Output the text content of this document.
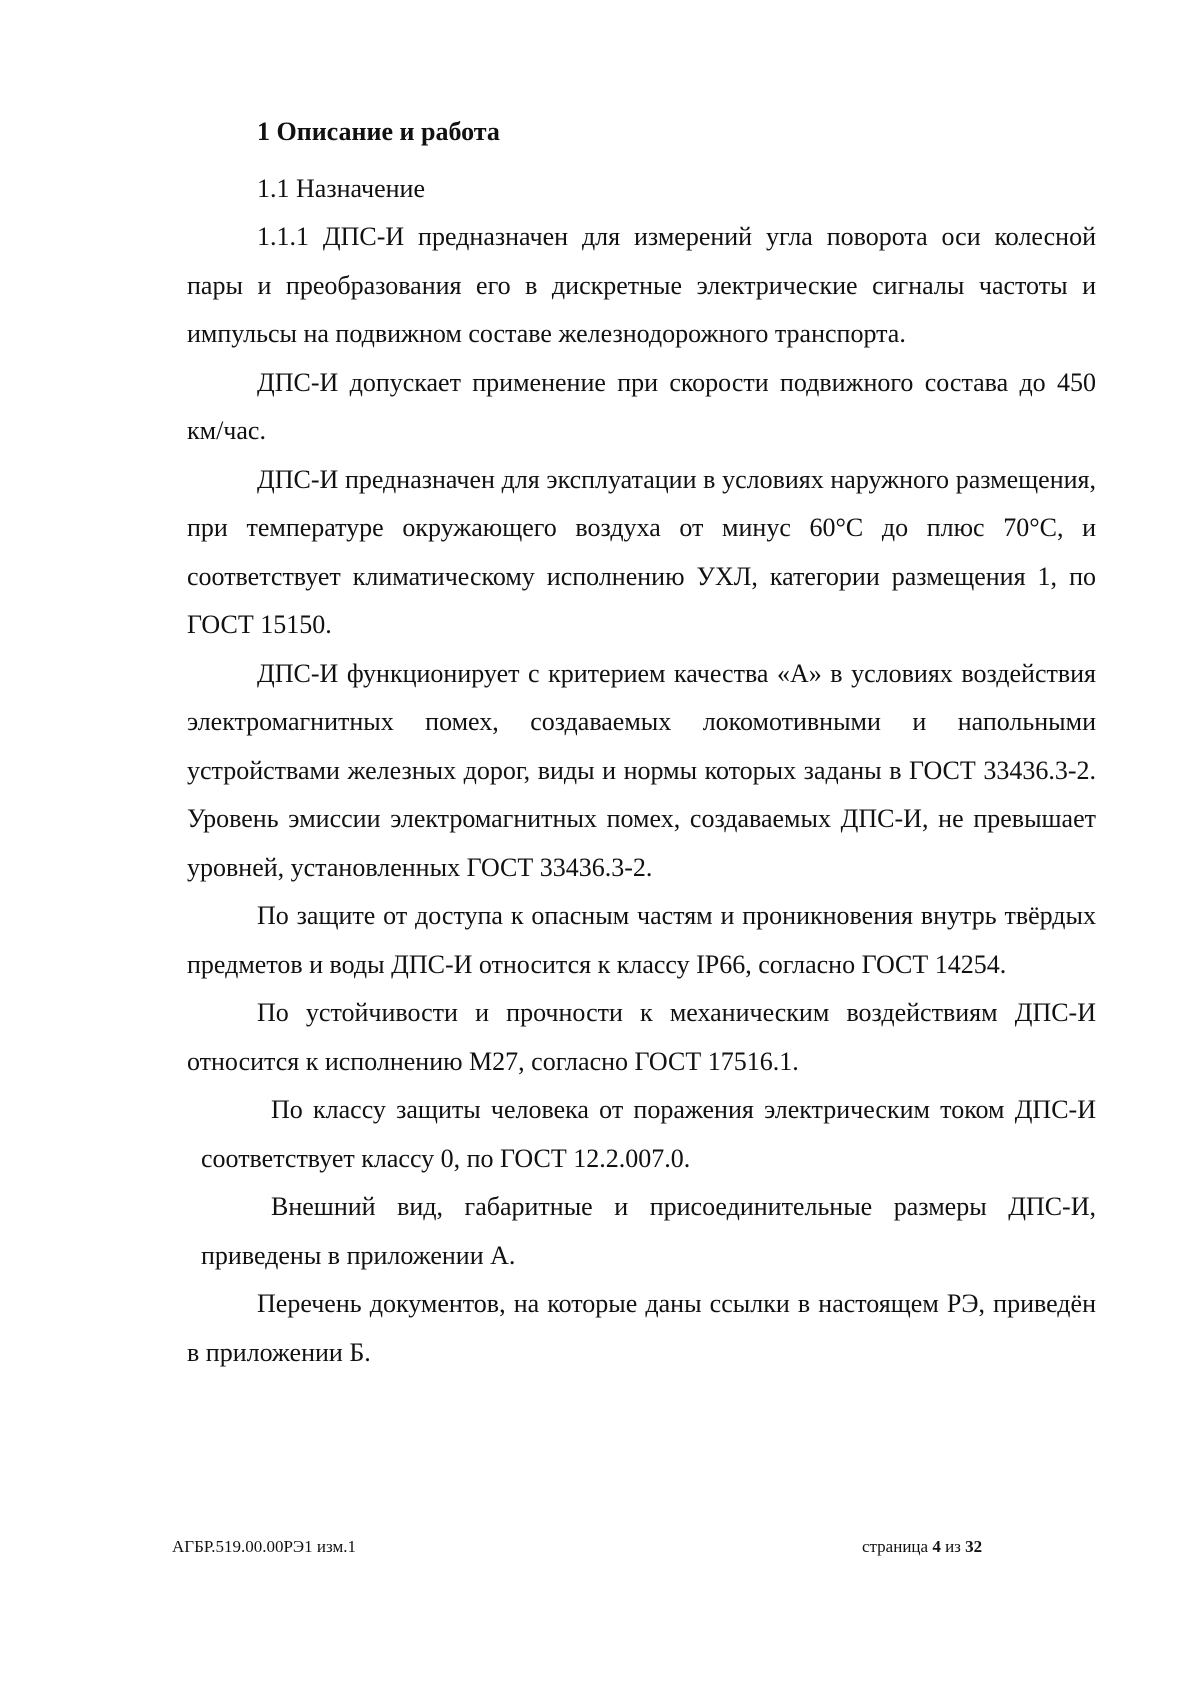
1 Описание и работа
1.1 Назначение

1.1.1 ДПС-И предназначен для измерений угла поворота оси колесной пары и преобразования его в дискретные электрические сигналы частоты и импульсы на подвижном составе железнодорожного транспорта.

ДПС-И допускает применение при скорости подвижного состава до 450 км/час.

ДПС-И предназначен для эксплуатации в условиях наружного размещения, при температуре окружающего воздуха от минус 60°С до плюс 70°С, и соответствует климатическому исполнению УХЛ, категории размещения 1, по ГОСТ 15150.

ДПС-И функционирует с критерием качества «А» в условиях воздействия электромагнитных помех, создаваемых локомотивными и напольными устройствами железных дорог, виды и нормы которых заданы в ГОСТ 33436.3-2. Уровень эмиссии электромагнитных помех, создаваемых ДПС-И, не превышает уровней, установленных ГОСТ 33436.3-2.

По защите от доступа к опасным частям и проникновения внутрь твёрдых предметов и воды ДПС-И относится к классу IP66, согласно ГОСТ 14254.

По устойчивости и прочности к механическим воздействиям ДПС-И относится к исполнению М27, согласно ГОСТ 17516.1.

По классу защиты человека от поражения электрическим током ДПС-И соответствует классу 0, по ГОСТ 12.2.007.0.

Внешний вид, габаритные и присоединительные размеры ДПС-И, приведены в приложении А.

Перечень документов, на которые даны ссылки в настоящем РЭ, приведён в приложении Б.

АГБР.519.00.00РЭ1 изм.1	страница 4 из 32
